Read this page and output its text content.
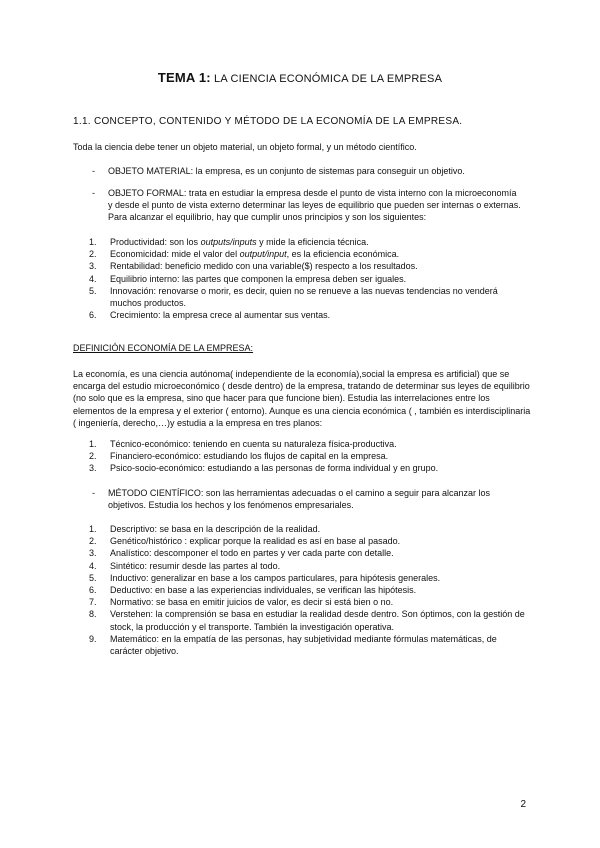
TEMA 1: LA CIENCIA ECONÓMICA DE LA EMPRESA
1.1. CONCEPTO, CONTENIDO Y MÉTODO DE LA ECONOMÍA DE LA EMPRESA.
Toda la ciencia debe tener un objeto material, un objeto formal, y un método científico.
- OBJETO MATERIAL: la empresa, es un conjunto de sistemas para conseguir un objetivo.
- OBJETO FORMAL: trata en estudiar la empresa desde el punto de vista interno con la microeconomía
y desde el punto de vista externo determinar las leyes de equilibrio que pueden ser internas o externas.
Para alcanzar el equilibrio, hay que cumplir unos principios y son los siguientes:
1. Productividad: son los outputs/inputs y mide la eficiencia técnica.
2. Economicidad: mide el valor del output/input, es la eficiencia económica.
3. Rentabilidad: beneficio medido con una variable($) respecto a los resultados.
4. Equilibrio interno: las partes que componen la empresa deben ser iguales.
5. Innovación: renovarse o morir, es decir, quien no se renueve a las nuevas tendencias no venderá muchos productos.
6. Crecimiento: la empresa crece al aumentar sus ventas.
DEFINICIÓN ECONOMÍA DE LA EMPRESA:
La economía, es una ciencia autónoma( independiente de la economía),social la empresa es artificial) que se encarga del estudio microeconómico ( desde dentro) de la empresa, tratando de determinar sus leyes de equilibrio (no solo que es la empresa, sino que hacer para que funcione bien). Estudia las interrelaciones entre los elementos de la empresa y el exterior ( entorno). Aunque es una ciencia económica ( , también es interdisciplinaria ( ingeniería, derecho,…)y estudia a la empresa en tres planos:
1. Técnico-económico: teniendo en cuenta su naturaleza física-productiva.
2. Financiero-económico: estudiando los flujos de capital en la empresa.
3. Psico-socio-económico: estudiando a las personas de forma individual y en grupo.
- MÉTODO CIENTÍFICO: son las herramientas adecuadas o el camino a seguir para alcanzar los
objetivos. Estudia los hechos y los fenómenos empresariales.
1. Descriptivo: se basa en la descripción de la realidad.
2. Genético/histórico : explicar porque la realidad es así en base al pasado.
3. Analístico: descomponer el todo en partes y ver cada parte con detalle.
4. Sintético: resumir desde las partes al todo.
5. Inductivo: generalizar en base a los campos particulares, para hipótesis generales.
6. Deductivo: en base a las experiencias individuales, se verifican las hipótesis.
7. Normativo: se basa en emitir juicios de valor, es decir si está bien o no.
8. Verstehen: la comprensión se basa en estudiar la realidad desde dentro. Son óptimos, con la gestión de stock, la producción y el transporte. También la investigación operativa.
9. Matemático: en la empatía de las personas, hay subjetividad mediante fórmulas matemáticas, de carácter objetivo.
2
